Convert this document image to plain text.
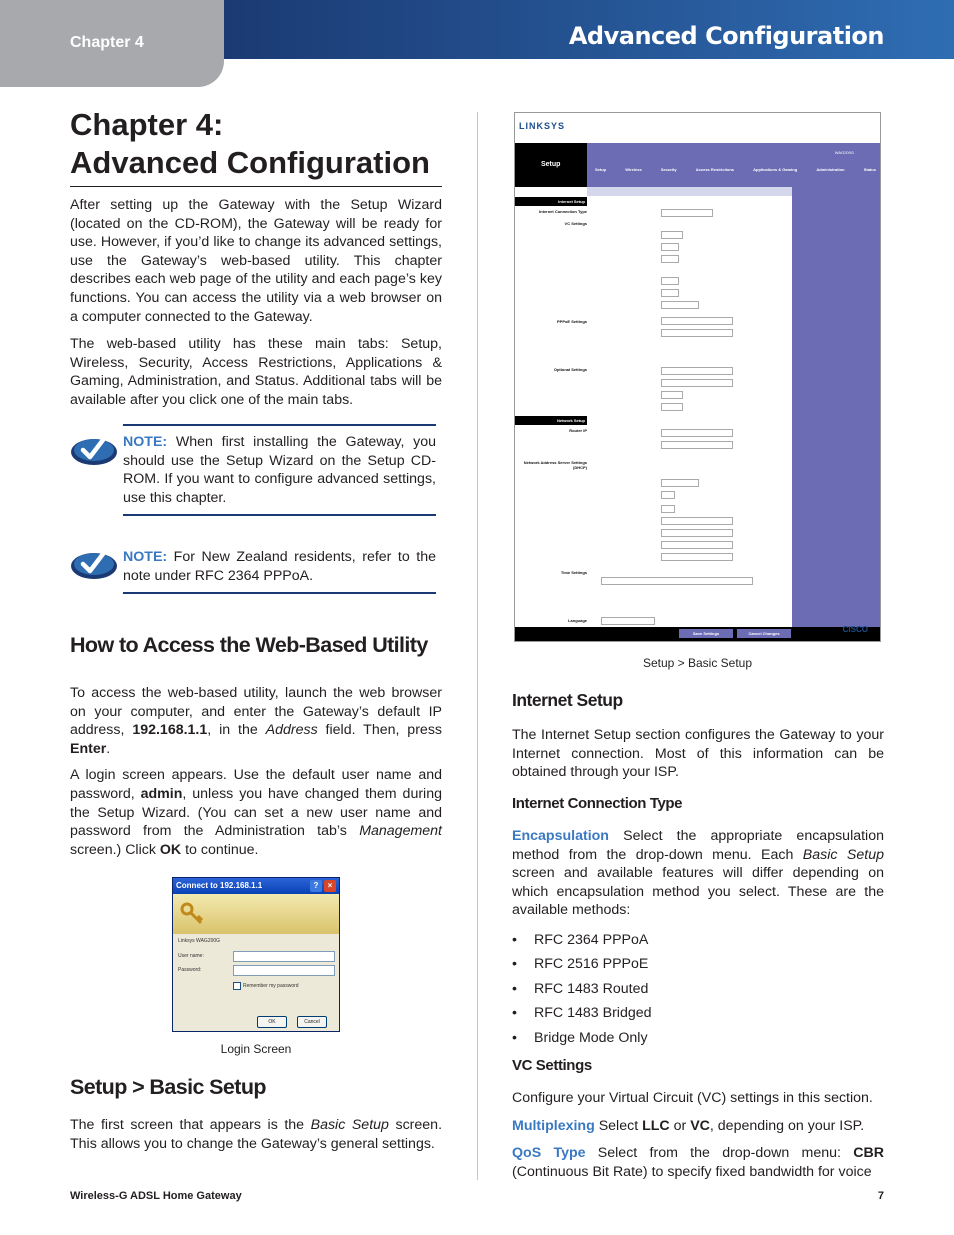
Chapter 4	Advanced Configuration
Chapter 4:
Advanced Configuration

After setting up the Gateway with the Setup Wizard (located on the CD-ROM), the Gateway will be ready for use. However, if you’d like to change its advanced settings, use the Gateway’s web-based utility. This chapter describes each web page of the utility and each page’s key functions. You can access the utility via a web browser on a computer connected to the Gateway.

The web-based utility has these main tabs: Setup, Wireless, Security, Access Restrictions, Applications & Gaming, Administration, and Status. Additional tabs will be available after you click one of the main tabs.

NOTE: When first installing the Gateway, you should use the Setup Wizard on the Setup CD-ROM. If you want to configure advanced settings, use this chapter.
NOTE: For New Zealand residents, refer to the note under RFC 2364 PPPoA.
How to Access the Web-Based Utility

To access the web-based utility, launch the web browser on your computer, and enter the Gateway’s default IP address, 192.168.1.1, in the Address field. Then, press Enter.

A login screen appears. Use the default user name and password, admin, unless you have changed them during the Setup Wizard. (You can set a new user name and password from the Administration tab’s Management screen.) Click OK to continue.

Connect to 192.168.1.1	?	×
Linksys WAG200G
User name:
Password:
Remember my password
OK	Cancel
Login Screen
Setup > Basic Setup

The first screen that appears is the Basic Setup screen. This allows you to change the Gateway’s general settings.

LINKSYS
WAG200G
Setup
Setup	Wireless	Security	Access Restrictions	Applications & Gaming	Administration	Status
Internet Setup
Internet Connection Type
VC Settings
PPPoE Settings
Optional Settings
Network Setup
Router IP
Network Address Server Settings (DHCP)
Time Settings
Language
Save Settings	Cancel Changes	CISCO
Setup > Basic Setup
Internet Setup

The Internet Setup section configures the Gateway to your Internet connection. Most of this information can be obtained through your ISP.

Internet Connection Type

Encapsulation Select the appropriate encapsulation method from the drop-down menu. Each Basic Setup screen and available features will differ depending on which encapsulation method you select. These are the available methods:

• RFC 2364 PPPoA
• RFC 2516 PPPoE
• RFC 1483 Routed
• RFC 1483 Bridged
• Bridge Mode Only
VC Settings

Configure your Virtual Circuit (VC) settings in this section.

Multiplexing Select LLC or VC, depending on your ISP.

QoS Type Select from the drop-down menu: CBR (Continuous Bit Rate) to specify fixed bandwidth for voice

Wireless-G ADSL Home Gateway	7
